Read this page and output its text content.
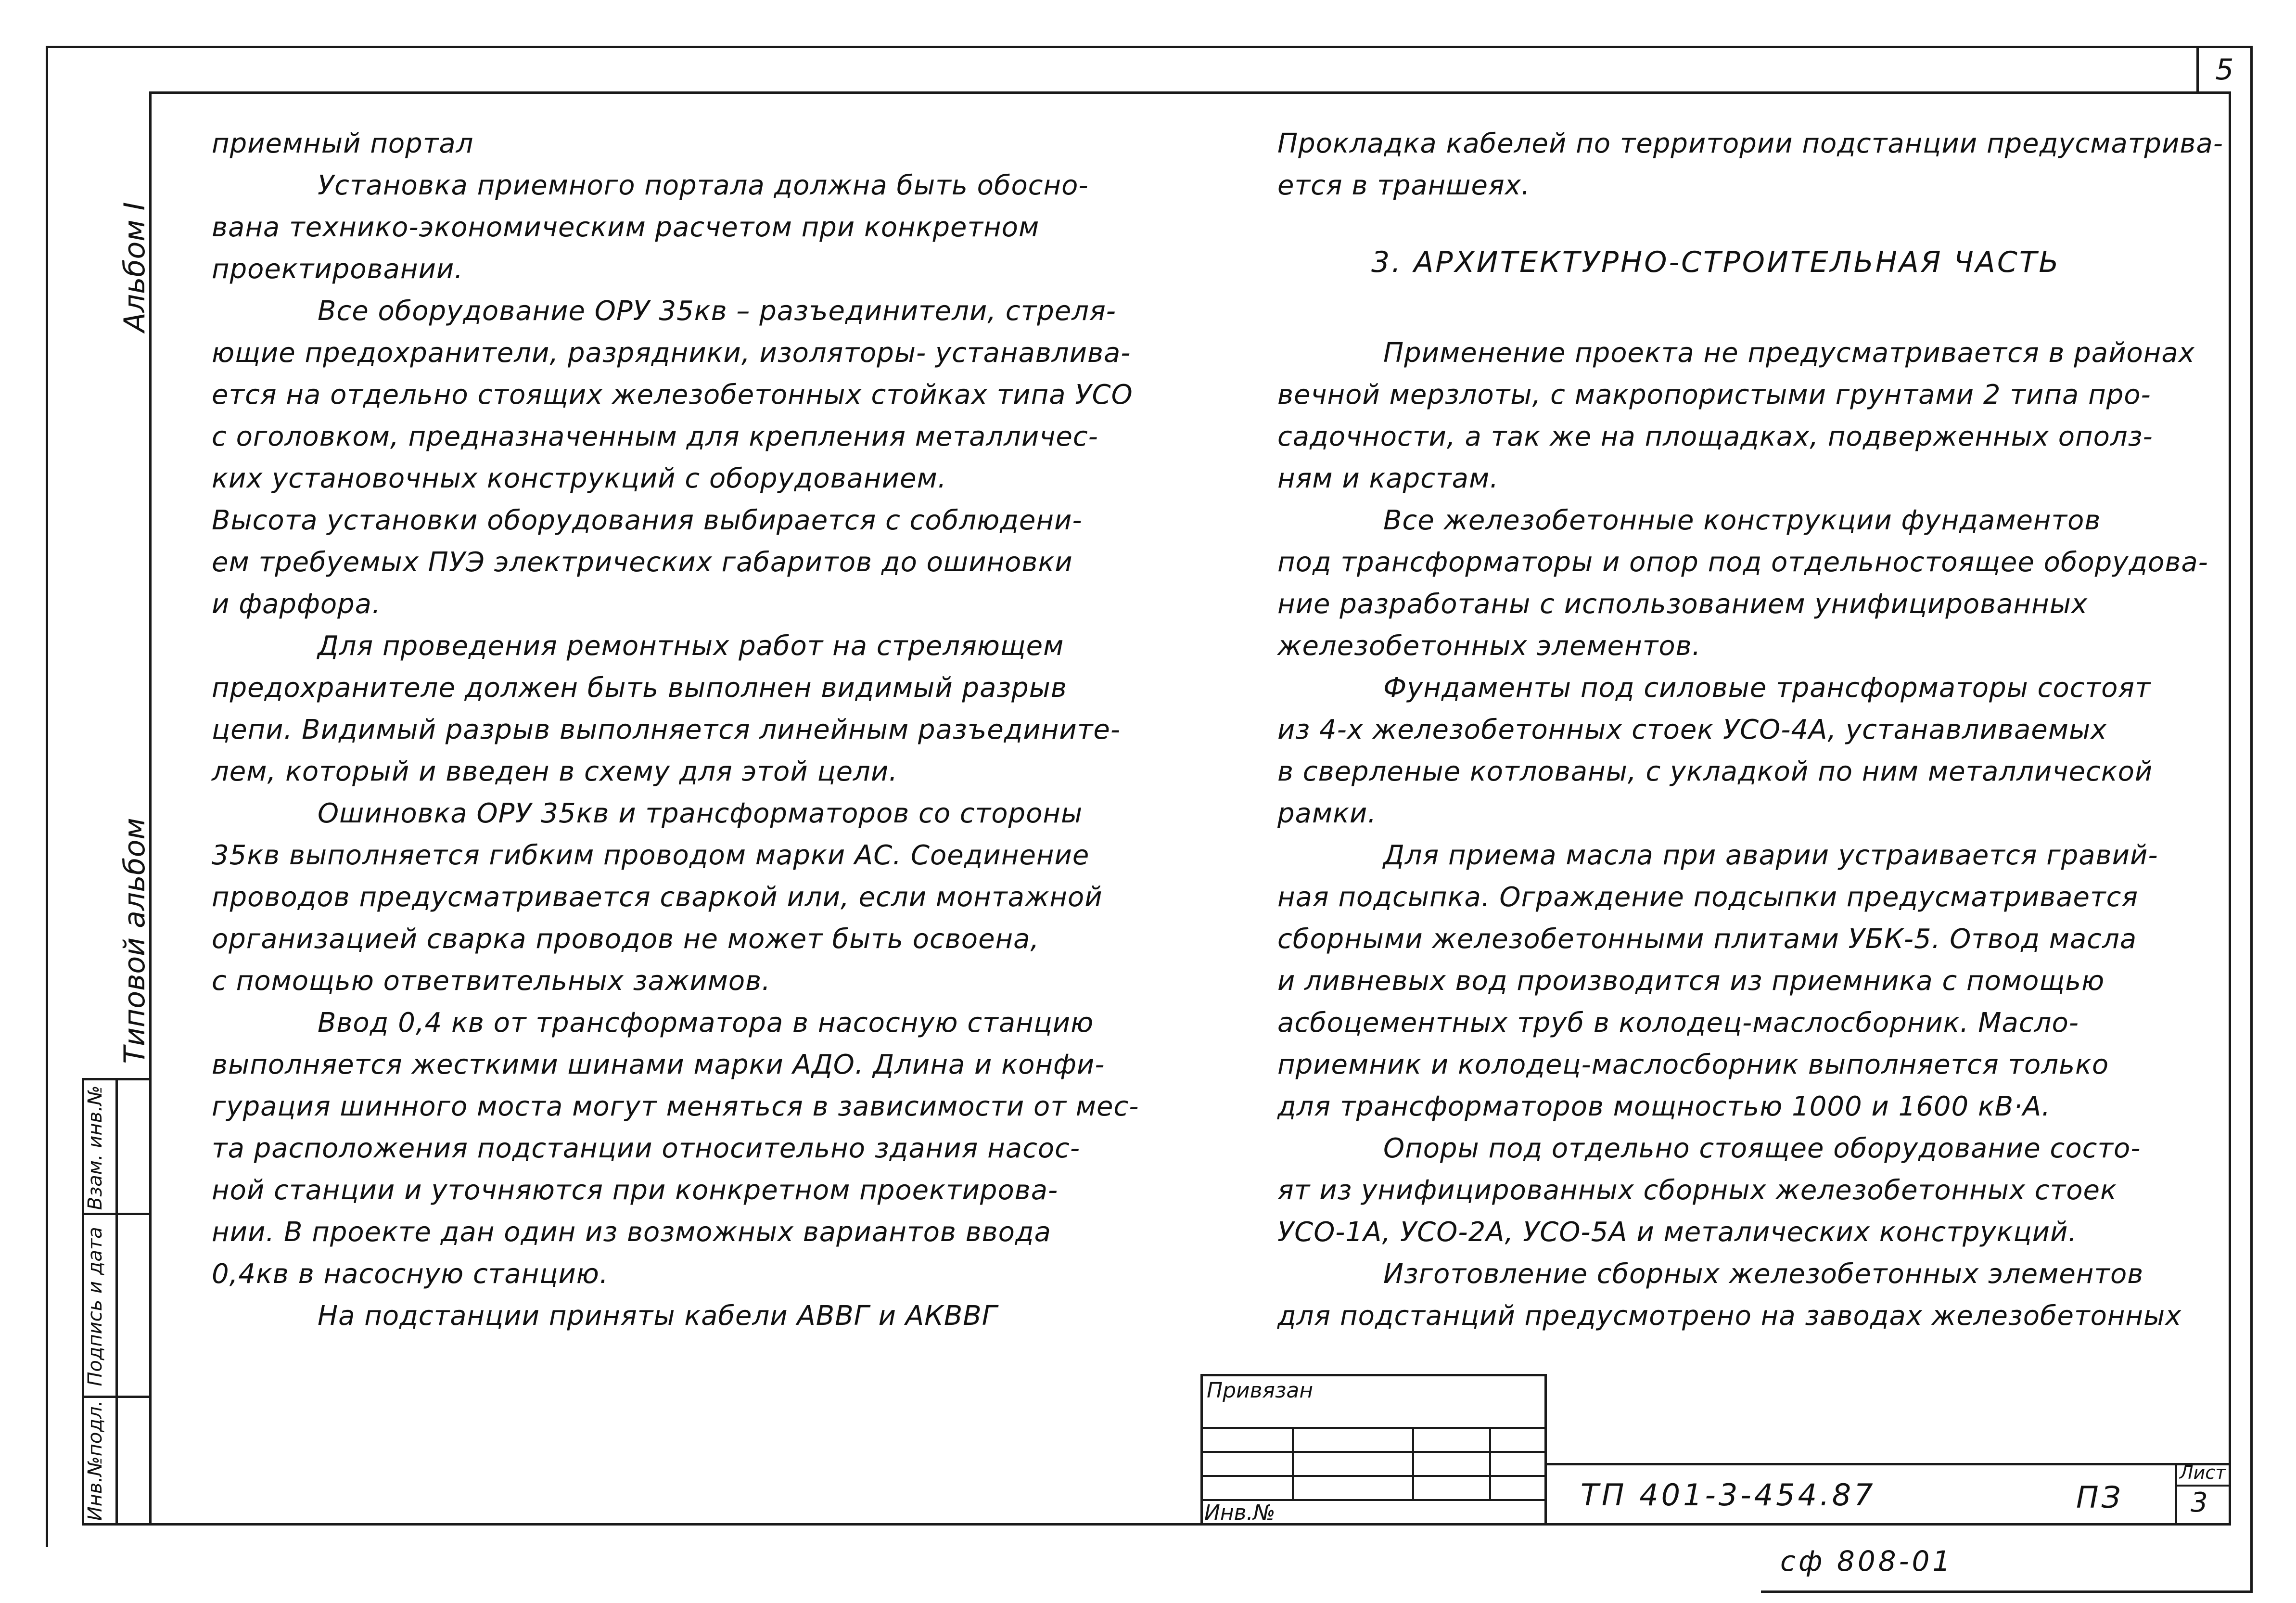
5
Альбом I
Типовой альбом
Взам. инв.№
Подпись и дата
Инв.№подл.

приемный портал

Установка приемного портала должна быть обосно-

вана технико-экономическим расчетом при конкретном

проектировании.

Все оборудование ОРУ 35кв – разъединители, стреля-

ющие предохранители, разрядники, изоляторы- устанавлива-

ется на отдельно стоящих железобетонных стойках типа УСО

с оголовком, предназначенным для крепления металличес-

ких установочных конструкций с оборудованием.

Высота установки оборудования выбирается с соблюдени-

ем требуемых ПУЭ электрических габаритов до ошиновки

и фарфора.

Для проведения ремонтных работ на стреляющем

предохранителе должен быть выполнен видимый разрыв

цепи. Видимый разрыв выполняется линейным разъедините-

лем, который и введен в схему для этой цели.

Ошиновка ОРУ 35кв и трансформаторов со стороны

35кв выполняется гибким проводом марки АС. Соединение

проводов предусматривается сваркой или, если монтажной

организацией сварка проводов не может быть освоена,

с помощью ответвительных зажимов.

Ввод 0,4 кв от трансформатора в насосную станцию

выполняется жесткими шинами марки АДО. Длина и конфи-

гурация шинного моста могут меняться в зависимости от мес-

та расположения подстанции относительно здания насос-

ной станции и уточняются при конкретном проектирова-

нии. В проекте дан один из возможных вариантов ввода

0,4кв в насосную станцию.

На подстанции приняты кабели АВВГ и АКВВГ

Прокладка кабелей по территории подстанции предусматрива-

ется в траншеях.

3. АРХИТЕКТУРНО-СТРОИТЕЛЬНАЯ ЧАСТЬ

Применение проекта не предусматривается в районах

вечной мерзлоты, с макропористыми грунтами 2 типа про-

садочности, а так же на площадках, подверженных ополз-

ням и карстам.

Все железобетонные конструкции фундаментов

под трансформаторы и опор под отдельностоящее оборудова-

ние разработаны с использованием унифицированных

железобетонных элементов.

Фундаменты под силовые трансформаторы состоят

из 4-х железобетонных стоек УСО-4А, устанавливаемых

в сверленые котлованы, с укладкой по ним металлической

рамки.

Для приема масла при аварии устраивается гравий-

ная подсыпка. Ограждение подсыпки предусматривается

сборными железобетонными плитами УБК-5. Отвод масла

и ливневых вод производится из приемника с помощью

асбоцементных труб в колодец-маслосборник. Масло-

приемник и колодец-маслосборник выполняется только

для трансформаторов мощностью 1000 и 1600 кВ·А.

Опоры под отдельно стоящее оборудование состо-

ят из унифицированных сборных железобетонных стоек

УСО-1А, УСО-2А, УСО-5А и металических конструкций.

Изготовление сборных железобетонных элементов

для подстанций предусмотрено на заводах железобетонных

Привязан
Инв.№
ТП 401-3-454.87	ПЗ
Лист
3
сф 808-01
